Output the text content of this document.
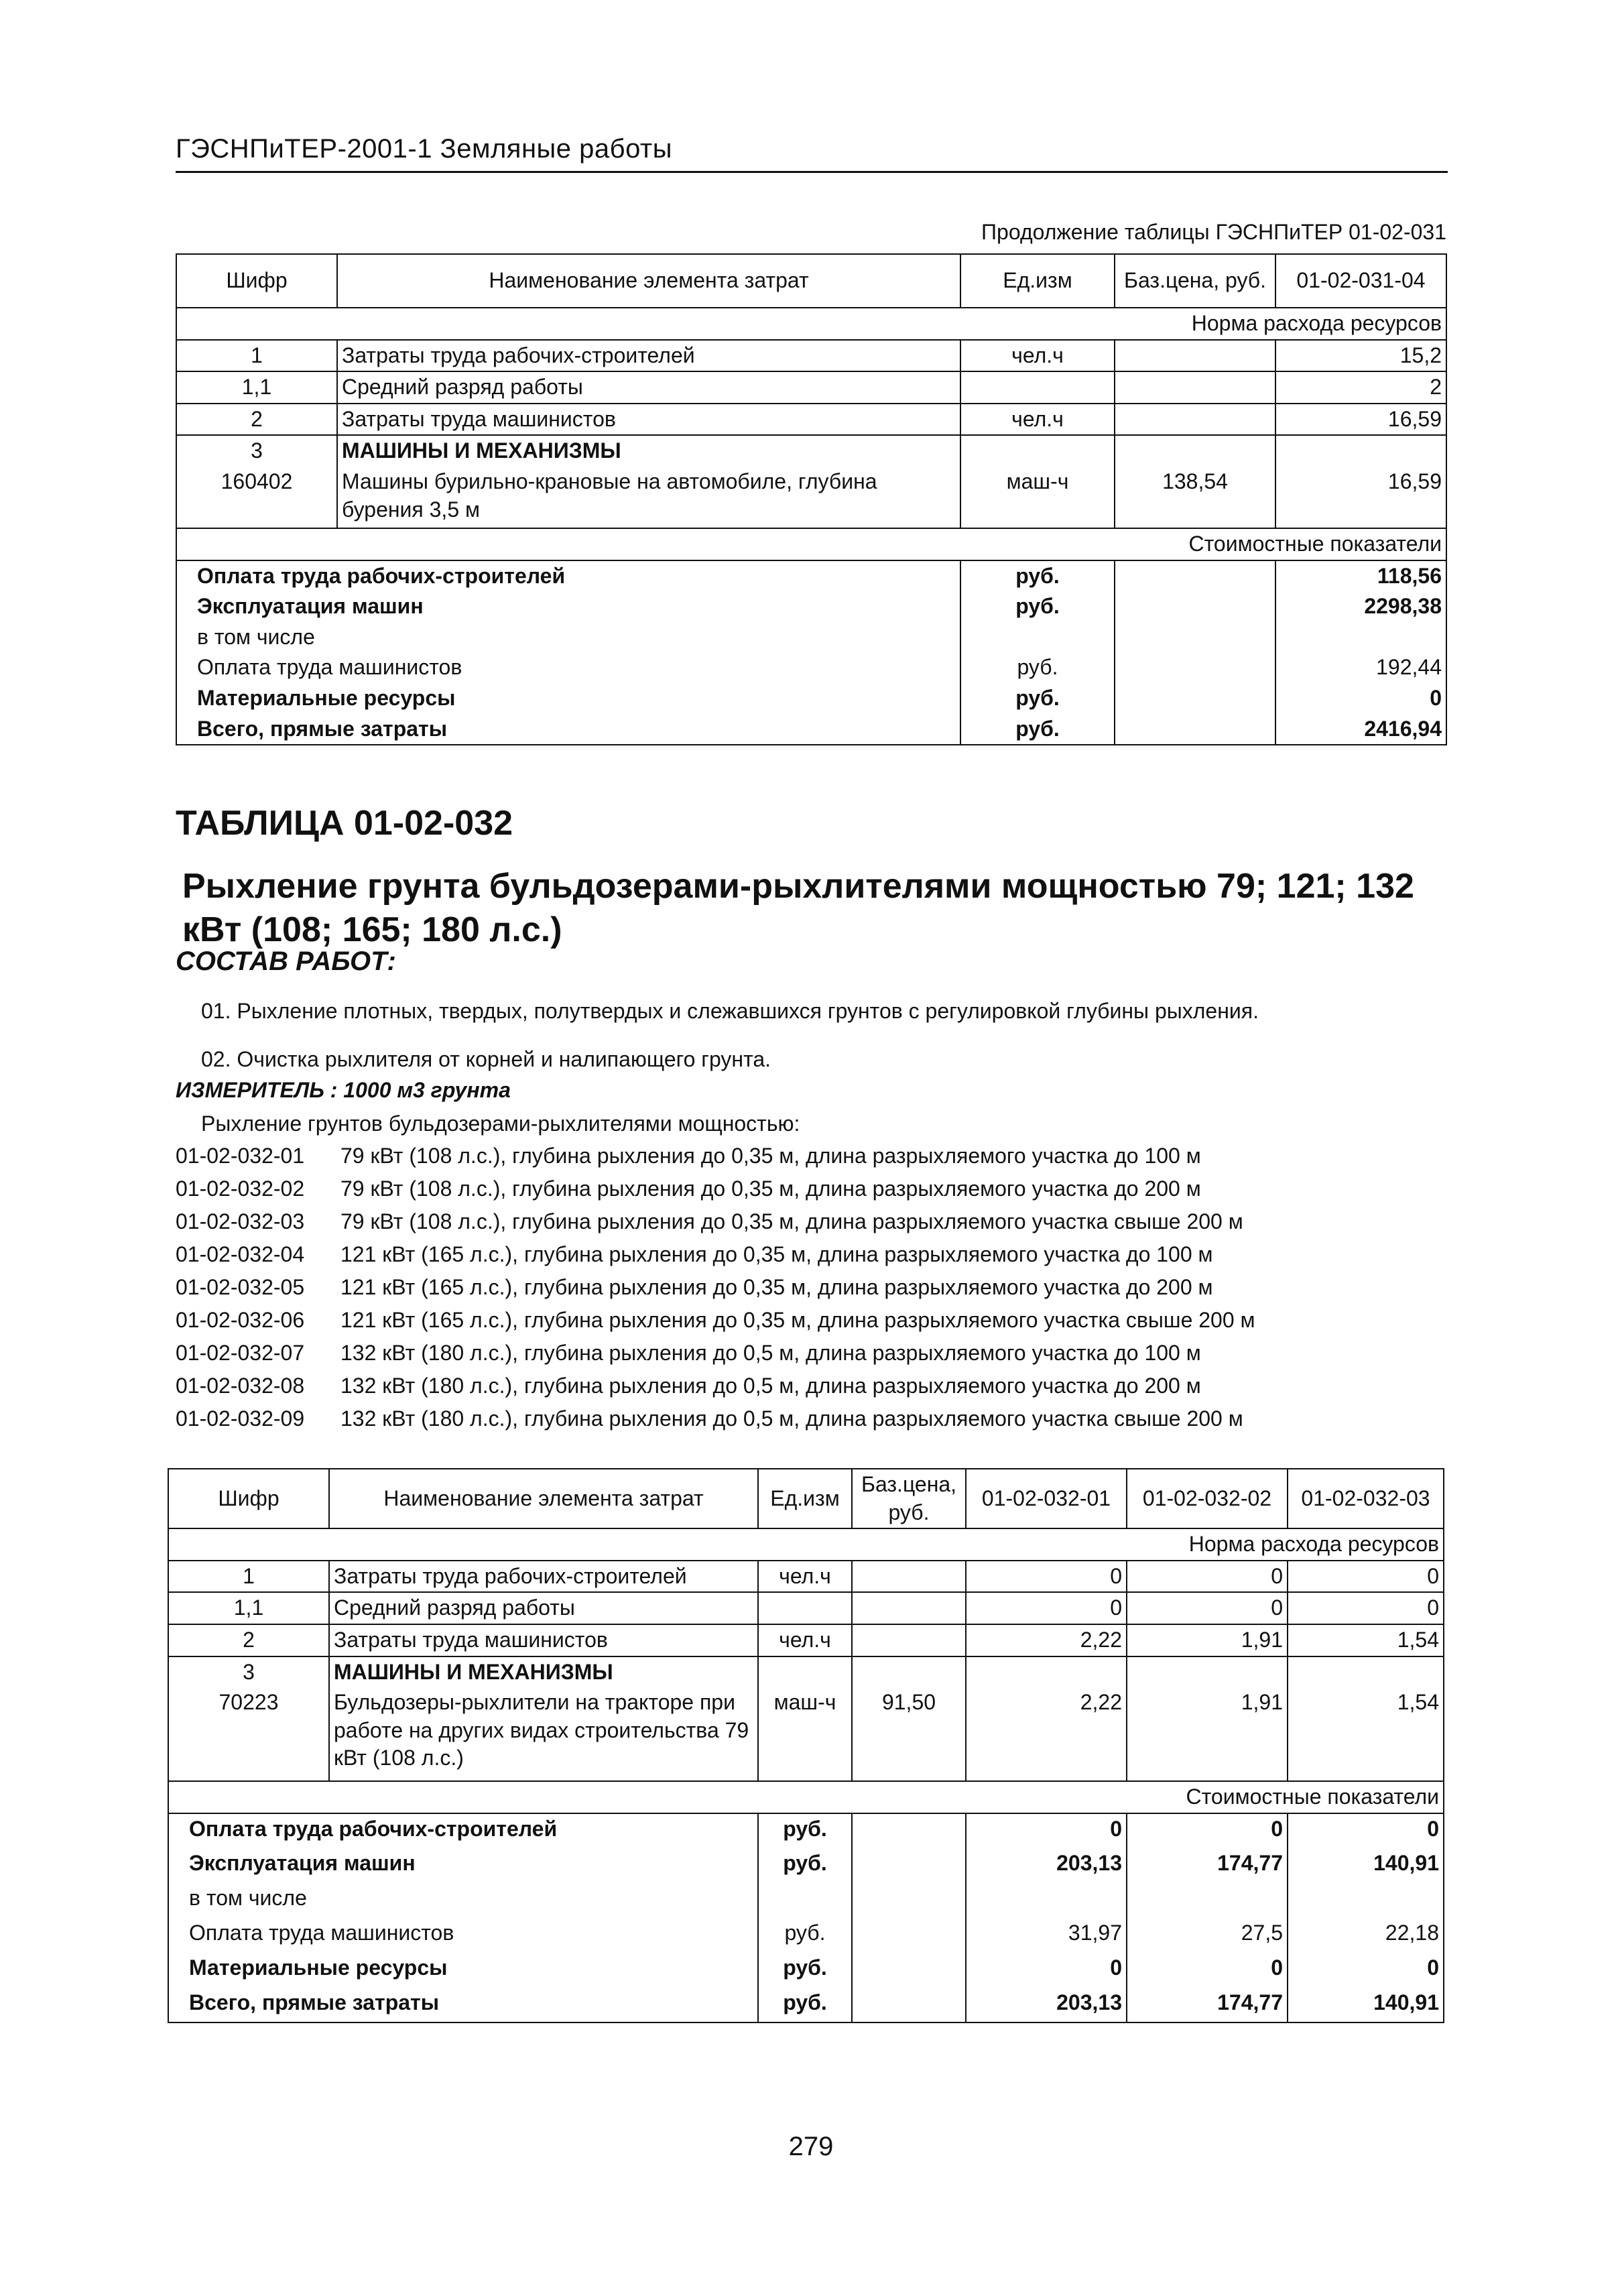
ГЭСНПиТЕР-2001-1 Земляные работы
Продолжение таблицы ГЭСНПиТЕР 01-02-031
Шифр	Наименование элемента затрат	Ед.изм	Баз.цена, руб.	01-02-031-04
Норма расхода ресурсов				
1	Затраты труда рабочих-строителей	чел.ч		15,2
1,1	Средний разряд работы			2
2	Затраты труда машинистов	чел.ч		16,59
3	МАШИНЫ И МЕХАНИЗМЫ			
160402	Машины бурильно-крановые на автомобиле, глубина бурения 3,5 м	маш-ч	138,54	16,59
Стоимостные показатели				
Оплата труда рабочих-строителей		руб.		118,56
Эксплуатация машин		руб.		2298,38
в том числе				
Оплата труда машинистов		руб.		192,44
Материальные ресурсы		руб.		0
Всего, прямые затраты		руб.		2416,94
ТАБЛИЦА 01-02-032
Рыхление грунта бульдозерами-рыхлителями мощностью 79; 121; 132 кВт (108; 165; 180 л.с.)
СОСТАВ РАБОТ:
01. Рыхление плотных, твердых, полутвердых и слежавшихся грунтов с регулировкой глубины рыхления.
02. Очистка рыхлителя от корней и налипающего грунта.
ИЗМЕРИТЕЛЬ : 1000 м3 грунта
Рыхление грунтов бульдозерами-рыхлителями мощностью:
01-02-032-01 79 кВт (108 л.с.), глубина рыхления до 0,35 м, длина разрыхляемого участка до 100 м
01-02-032-02 79 кВт (108 л.с.), глубина рыхления до 0,35 м, длина разрыхляемого участка до 200 м
01-02-032-03 79 кВт (108 л.с.), глубина рыхления до 0,35 м, длина разрыхляемого участка свыше 200 м
01-02-032-04 121 кВт (165 л.с.), глубина рыхления до 0,35 м, длина разрыхляемого участка до 100 м
01-02-032-05 121 кВт (165 л.с.), глубина рыхления до 0,35 м, длина разрыхляемого участка до 200 м
01-02-032-06 121 кВт (165 л.с.), глубина рыхления до 0,35 м, длина разрыхляемого участка свыше 200 м
01-02-032-07 132 кВт (180 л.с.), глубина рыхления до 0,5 м, длина разрыхляемого участка до 100 м
01-02-032-08 132 кВт (180 л.с.), глубина рыхления до 0,5 м, длина разрыхляемого участка до 200 м
01-02-032-09 132 кВт (180 л.с.), глубина рыхления до 0,5 м, длина разрыхляемого участка свыше 200 м
Шифр	Наименование элемента затрат	Ед.изм	Баз.цена, руб.	01-02-032-01	01-02-032-02	01-02-032-03
Норма расхода ресурсов						
1	Затраты труда рабочих-строителей	чел.ч		0	0	0
1,1	Средний разряд работы			0	0	0
2	Затраты труда машинистов	чел.ч		2,22	1,91	1,54
3	МАШИНЫ И МЕХАНИЗМЫ					
70223	Бульдозеры-рыхлители на тракторе при работе на других видах строительства 79 кВт (108 л.с.)	маш-ч	91,50	2,22	1,91	1,54
Стоимостные показатели						
Оплата труда рабочих-строителей		руб.		0	0	0
Эксплуатация машин		руб.		203,13	174,77	140,91
в том числе						
Оплата труда машинистов		руб.		31,97	27,5	22,18
Материальные ресурсы		руб.		0	0	0
Всего, прямые затраты		руб.		203,13	174,77	140,91
279
